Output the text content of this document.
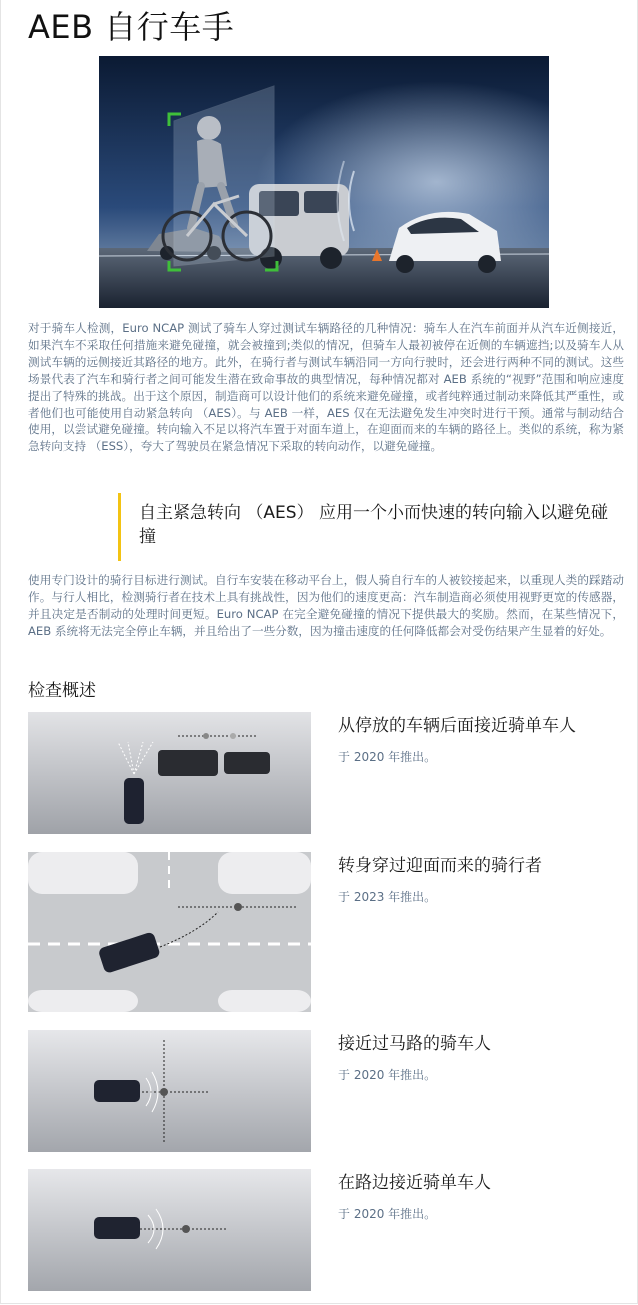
AEB 自行车手

对于骑车人检测，Euro NCAP 测试了骑车人穿过测试车辆路径的几种情况：骑车人在汽车前面并从汽车近侧接近，如果汽车不采取任何措施来避免碰撞，就会被撞到;类似的情况，但骑车人最初被停在近侧的车辆遮挡;以及骑车人从测试车辆的远侧接近其路径的地方。此外，在骑行者与测试车辆沿同一方向行驶时，还会进行两种不同的测试。这些场景代表了汽车和骑行者之间可能发生潜在致命事故的典型情况，每种情况都对 AEB 系统的“视野”范围和响应速度提出了特殊的挑战。出于这个原因，制造商可以设计他们的系统来避免碰撞，或者纯粹通过制动来降低其严重性，或者他们也可能使用自动紧急转向 （AES）。与 AEB 一样，AES 仅在无法避免发生冲突时进行干预。通常与制动结合使用，以尝试避免碰撞。转向输入不足以将汽车置于对面车道上，在迎面而来的车辆的路径上。类似的系统，称为紧急转向支持 （ESS），夸大了驾驶员在紧急情况下采取的转向动作，以避免碰撞。

自主紧急转向 （AES） 应用一个小而快速的转向输入以避免碰撞

使用专门设计的骑行目标进行测试。自行车安装在移动平台上，假人骑自行车的人被铰接起来，以重现人类的踩踏动作。与行人相比，检测骑行者在技术上具有挑战性，因为他们的速度更高：汽车制造商必须使用视野更宽的传感器，并且决定是否制动的处理时间更短。Euro NCAP 在完全避免碰撞的情况下提供最大的奖励。然而，在某些情况下，AEB 系统将无法完全停止车辆，并且给出了一些分数，因为撞击速度的任何降低都会对受伤结果产生显着的好处。

检查概述
从停放的车辆后面接近骑单车人
于 2020 年推出。
转身穿过迎面而来的骑行者
于 2023 年推出。
接近过马路的骑车人
于 2020 年推出。
在路边接近骑单车人
于 2020 年推出。
